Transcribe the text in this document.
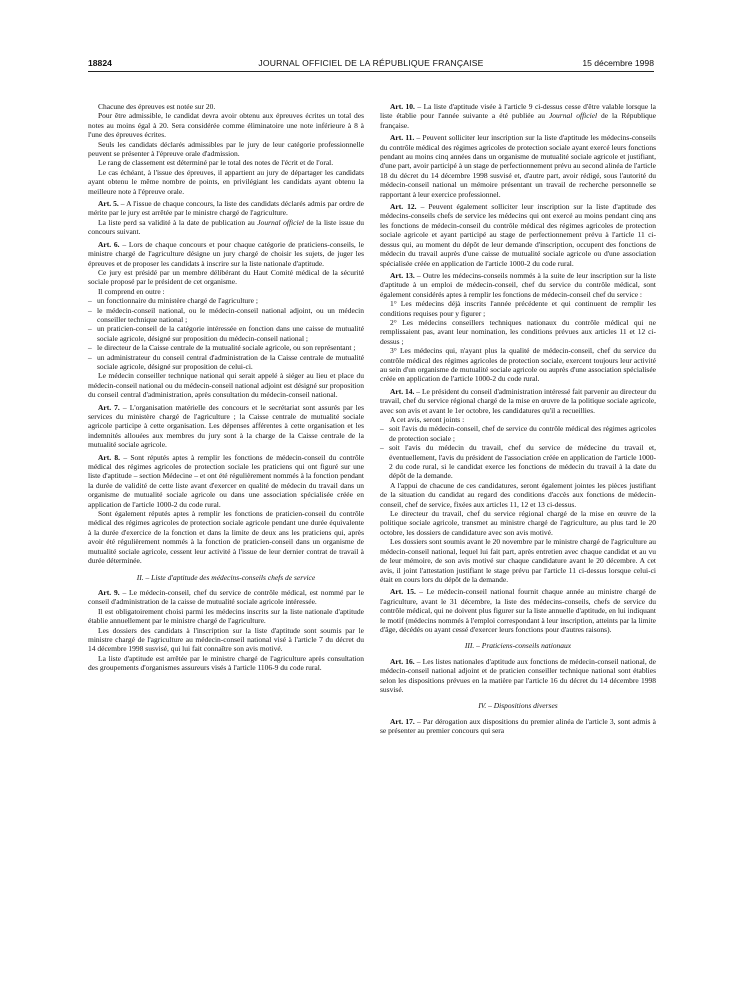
18824	JOURNAL OFFICIEL DE LA RÉPUBLIQUE FRANÇAISE	15 décembre 1998

Chacune des épreuves est notée sur 20.

Pour être admissible, le candidat devra avoir obtenu aux épreuves écrites un total des notes au moins égal à 20. Sera considérée comme éliminatoire une note inférieure à 8 à l'une des épreuves écrites.

Seuls les candidats déclarés admissibles par le jury de leur catégorie professionnelle peuvent se présenter à l'épreuve orale d'admission.

Le rang de classement est déterminé par le total des notes de l'écrit et de l'oral.

Le cas échéant, à l'issue des épreuves, il appartient au jury de départager les candidats ayant obtenu le même nombre de points, en privilégiant les candidats ayant obtenu la meilleure note à l'épreuve orale.

Art. 5. – A l'issue de chaque concours, la liste des candidats déclarés admis par ordre de mérite par le jury est arrêtée par le ministre chargé de l'agriculture.

La liste perd sa validité à la date de publication au Journal officiel de la liste issue du concours suivant.

Art. 6. – Lors de chaque concours et pour chaque catégorie de praticiens-conseils, le ministre chargé de l'agriculture désigne un jury chargé de choisir les sujets, de juger les épreuves et de proposer les candidats à inscrire sur la liste nationale d'aptitude.

Ce jury est présidé par un membre délibérant du Haut Comité médical de la sécurité sociale proposé par le président de cet organisme.

Il comprend en outre :

– un fonctionnaire du ministère chargé de l'agriculture ;
– le médecin-conseil national, ou le médecin-conseil national adjoint, ou un médecin conseiller technique national ;
– un praticien-conseil de la catégorie intéressée en fonction dans une caisse de mutualité sociale agricole, désigné sur proposition du médecin-conseil national ;
– le directeur de la Caisse centrale de la mutualité sociale agricole, ou son représentant ;
– un administrateur du conseil central d'administration de la Caisse centrale de mutualité sociale agricole, désigné sur proposition de celui-ci.

Le médecin conseiller technique national qui serait appelé à siéger au lieu et place du médecin-conseil national ou du médecin-conseil national adjoint est désigné sur proposition du conseil central d'administration, après consultation du médecin-conseil national.

Art. 7. – L'organisation matérielle des concours et le secrétariat sont assurés par les services du ministère chargé de l'agriculture ; la Caisse centrale de mutualité sociale agricole participe à cette organisation. Les dépenses afférentes à cette organisation et les indemnités allouées aux membres du jury sont à la charge de la Caisse centrale de la mutualité sociale agricole.

Art. 8. – Sont réputés aptes à remplir les fonctions de médecin-conseil du contrôle médical des régimes agricoles de protection sociale les praticiens qui ont figuré sur une liste d'aptitude – section Médecine – et ont été régulièrement nommés à la fonction pendant la durée de validité de cette liste avant d'exercer en qualité de médecin du travail dans un organisme de mutualité sociale agricole ou dans une association spécialisée créée en application de l'article 1000-2 du code rural.

Sont également réputés aptes à remplir les fonctions de praticien-conseil du contrôle médical des régimes agricoles de protection sociale agricole pendant une durée équivalente à la durée d'exercice de la fonction et dans la limite de deux ans les praticiens qui, après avoir été régulièrement nommés à la fonction de praticien-conseil dans un organisme de mutualité sociale agricole, cessent leur activité à l'issue de leur dernier contrat de travail à durée déterminée.

II. – Liste d'aptitude des médecins-conseils chefs de service

Art. 9. – Le médecin-conseil, chef du service de contrôle médical, est nommé par le conseil d'administration de la caisse de mutualité sociale agricole intéressée.

Il est obligatoirement choisi parmi les médecins inscrits sur la liste nationale d'aptitude établie annuellement par le ministre chargé de l'agriculture.

Les dossiers des candidats à l'inscription sur la liste d'aptitude sont soumis par le ministre chargé de l'agriculture au médecin-conseil national visé à l'article 7 du décret du 14 décembre 1998 susvisé, qui lui fait connaître son avis motivé.

La liste d'aptitude est arrêtée par le ministre chargé de l'agriculture après consultation des groupements d'organismes assureurs visés à l'article 1106-9 du code rural.

Art. 10. – La liste d'aptitude visée à l'article 9 ci-dessus cesse d'être valable lorsque la liste établie pour l'année suivante a été publiée au Journal officiel de la République française.

Art. 11. – Peuvent solliciter leur inscription sur la liste d'aptitude les médecins-conseils du contrôle médical des régimes agricoles de protection sociale ayant exercé leurs fonctions pendant au moins cinq années dans un organisme de mutualité sociale agricole et justifiant, d'une part, avoir participé à un stage de perfectionnement prévu au second alinéa de l'article 18 du décret du 14 décembre 1998 susvisé et, d'autre part, avoir rédigé, sous l'autorité du médecin-conseil national un mémoire présentant un travail de recherche personnelle se rapportant à leur exercice professionnel.

Art. 12. – Peuvent également solliciter leur inscription sur la liste d'aptitude des médecins-conseils chefs de service les médecins qui ont exercé au moins pendant cinq ans les fonctions de médecin-conseil du contrôle médical des régimes agricoles de protection sociale agricole et ayant participé au stage de perfectionnement prévu à l'article 11 ci-dessus qui, au moment du dépôt de leur demande d'inscription, occupent des fonctions de médecin du travail auprès d'une caisse de mutualité sociale agricole ou d'une association spécialisée créée en application de l'article 1000-2 du code rural.

Art. 13. – Outre les médecins-conseils nommés à la suite de leur inscription sur la liste d'aptitude à un emploi de médecin-conseil, chef du service du contrôle médical, sont également considérés aptes à remplir les fonctions de médecin-conseil chef du service :

1° Les médecins déjà inscrits l'année précédente et qui continuent de remplir les conditions requises pour y figurer ;

2° Les médecins conseillers techniques nationaux du contrôle médical qui ne remplissaient pas, avant leur nomination, les conditions prévues aux articles 11 et 12 ci-dessus ;

3° Les médecins qui, n'ayant plus la qualité de médecin-conseil, chef du service du contrôle médical des régimes agricoles de protection sociale, exercent toujours leur activité au sein d'un organisme de mutualité sociale agricole ou auprès d'une association spécialisée créée en application de l'article 1000-2 du code rural.

Art. 14. – Le président du conseil d'administration intéressé fait parvenir au directeur du travail, chef du service régional chargé de la mise en œuvre de la politique sociale agricole, avec son avis et avant le 1er octobre, les candidatures qu'il a recueillies.

A cet avis, seront joints :

– soit l'avis du médecin-conseil, chef de service du contrôle médical des régimes agricoles de protection sociale ;
– soit l'avis du médecin du travail, chef du service de médecine du travail et, éventuellement, l'avis du président de l'association créée en application de l'article 1000-2 du code rural, si le candidat exerce les fonctions de médecin du travail à la date du dépôt de la demande.

A l'appui de chacune de ces candidatures, seront également jointes les pièces justifiant de la situation du candidat au regard des conditions d'accès aux fonctions de médecin-conseil, chef de service, fixées aux articles 11, 12 et 13 ci-dessus.

Le directeur du travail, chef du service régional chargé de la mise en œuvre de la politique sociale agricole, transmet au ministre chargé de l'agriculture, au plus tard le 20 octobre, les dossiers de candidature avec son avis motivé.

Les dossiers sont soumis avant le 20 novembre par le ministre chargé de l'agriculture au médecin-conseil national, lequel lui fait part, après entretien avec chaque candidat et au vu de leur mémoire, de son avis motivé sur chaque candidature avant le 20 décembre. A cet avis, il joint l'attestation justifiant le stage prévu par l'article 11 ci-dessus lorsque celui-ci était en cours lors du dépôt de la demande.

Art. 15. – Le médecin-conseil national fournit chaque année au ministre chargé de l'agriculture, avant le 31 décembre, la liste des médecins-conseils, chefs de service du contrôle médical, qui ne doivent plus figurer sur la liste annuelle d'aptitude, en lui indiquant le motif (médecins nommés à l'emploi correspondant à leur inscription, atteints par la limite d'âge, décédés ou ayant cessé d'exercer leurs fonctions pour d'autres raisons).

III. – Praticiens-conseils nationaux

Art. 16. – Les listes nationales d'aptitude aux fonctions de médecin-conseil national, de médecin-conseil national adjoint et de praticien conseiller technique national sont établies selon les dispositions prévues en la matière par l'article 16 du décret du 14 décembre 1998 susvisé.

IV. – Dispositions diverses

Art. 17. – Par dérogation aux dispositions du premier alinéa de l'article 3, sont admis à se présenter au premier concours qui sera
